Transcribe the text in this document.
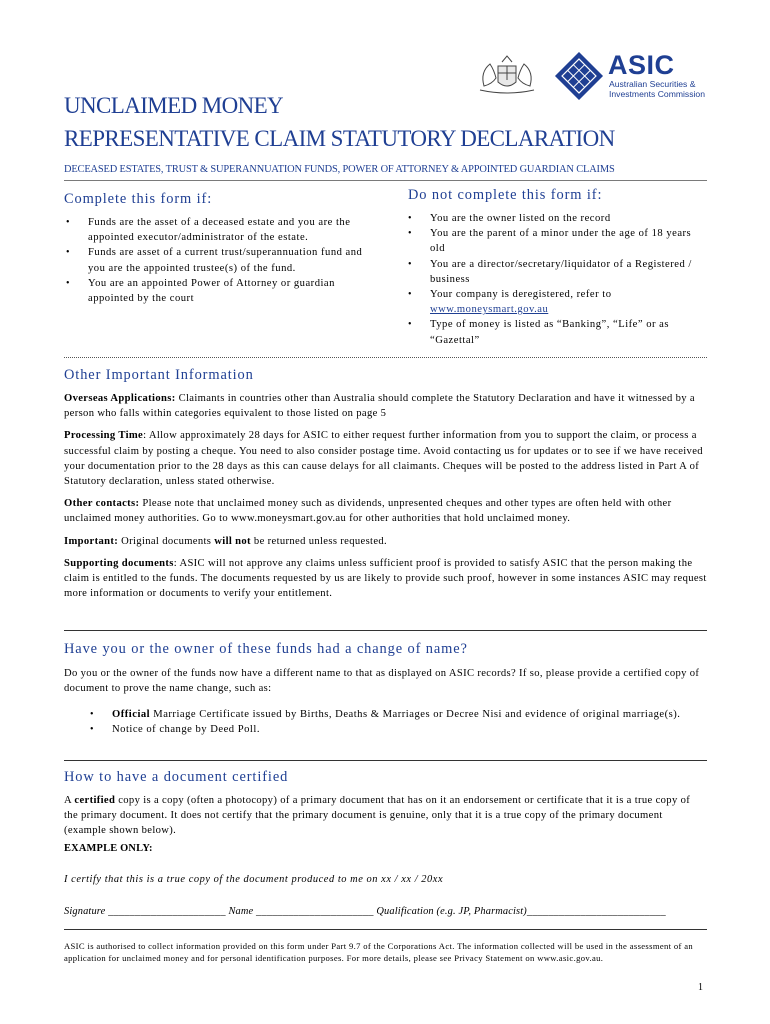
ASIC
Australian Securities &
Investments Commission
UNCLAIMED MONEY
REPRESENTATIVE CLAIM STATUTORY DECLARATION
DECEASED ESTATES, TRUST & SUPERANNUATION FUNDS, POWER OF ATTORNEY & APPOINTED GUARDIAN CLAIMS
Complete this form if:
• Funds are the asset of a deceased estate and you are the appointed executor/administrator of the estate.
• Funds are asset of a current trust/superannuation fund and you are the appointed trustee(s) of the fund.
• You are an appointed Power of Attorney or guardian appointed by the court
Do not complete this form if:
• You are the owner listed on the record
• You are the parent of a minor under the age of 18 years old
• You are a director/secretary/liquidator of a Registered / business
• Your company is deregistered, refer to
www.moneysmart.gov.au
• Type of money is listed as “Banking”, “Life” or as “Gazettal”
Other Important Information

Overseas Applications: Claimants in countries other than Australia should complete the Statutory Declaration and have it witnessed by a person who falls within categories equivalent to those listed on page 5

Processing Time: Allow approximately 28 days for ASIC to either request further information from you to support the claim, or process a successful claim by posting a cheque. You need to also consider postage time. Avoid contacting us for updates or to see if we have received your documentation prior to the 28 days as this can cause delays for all claimants. Cheques will be posted to the address listed in Part A of Statutory declaration, unless stated otherwise.

Other contacts: Please note that unclaimed money such as dividends, unpresented cheques and other types are often held with other unclaimed money authorities. Go to www.moneysmart.gov.au for other authorities that hold unclaimed money.

Important: Original documents will not be returned unless requested.

Supporting documents: ASIC will not approve any claims unless sufficient proof is provided to satisfy ASIC that the person making the claim is entitled to the funds. The documents requested by us are likely to provide such proof, however in some instances ASIC may request more information or documents to verify your entitlement.

Have you or the owner of these funds had a change of name?

Do you or the owner of the funds now have a different name to that as displayed on ASIC records? If so, please provide a certified copy of document to prove the name change, such as:

• Official Marriage Certificate issued by Births, Deaths & Marriages or Decree Nisi and evidence of original marriage(s).
• Notice of change by Deed Poll.
How to have a document certified

A certified copy is a copy (often a photocopy) of a primary document that has on it an endorsement or certificate that it is a true copy of the primary document. It does not certify that the primary document is genuine, only that it is a true copy of the primary document (example shown below).

EXAMPLE ONLY:
I certify that this is a true copy of the document produced to me on xx / xx / 20xx
Signature ______________________ Name ______________________ Qualification (e.g. JP, Pharmacist)__________________________

ASIC is authorised to collect information provided on this form under Part 9.7 of the Corporations Act. The information collected will be used in the assessment of an application for unclaimed money and for personal identification purposes. For more details, please see Privacy Statement on www.asic.gov.au.

1
